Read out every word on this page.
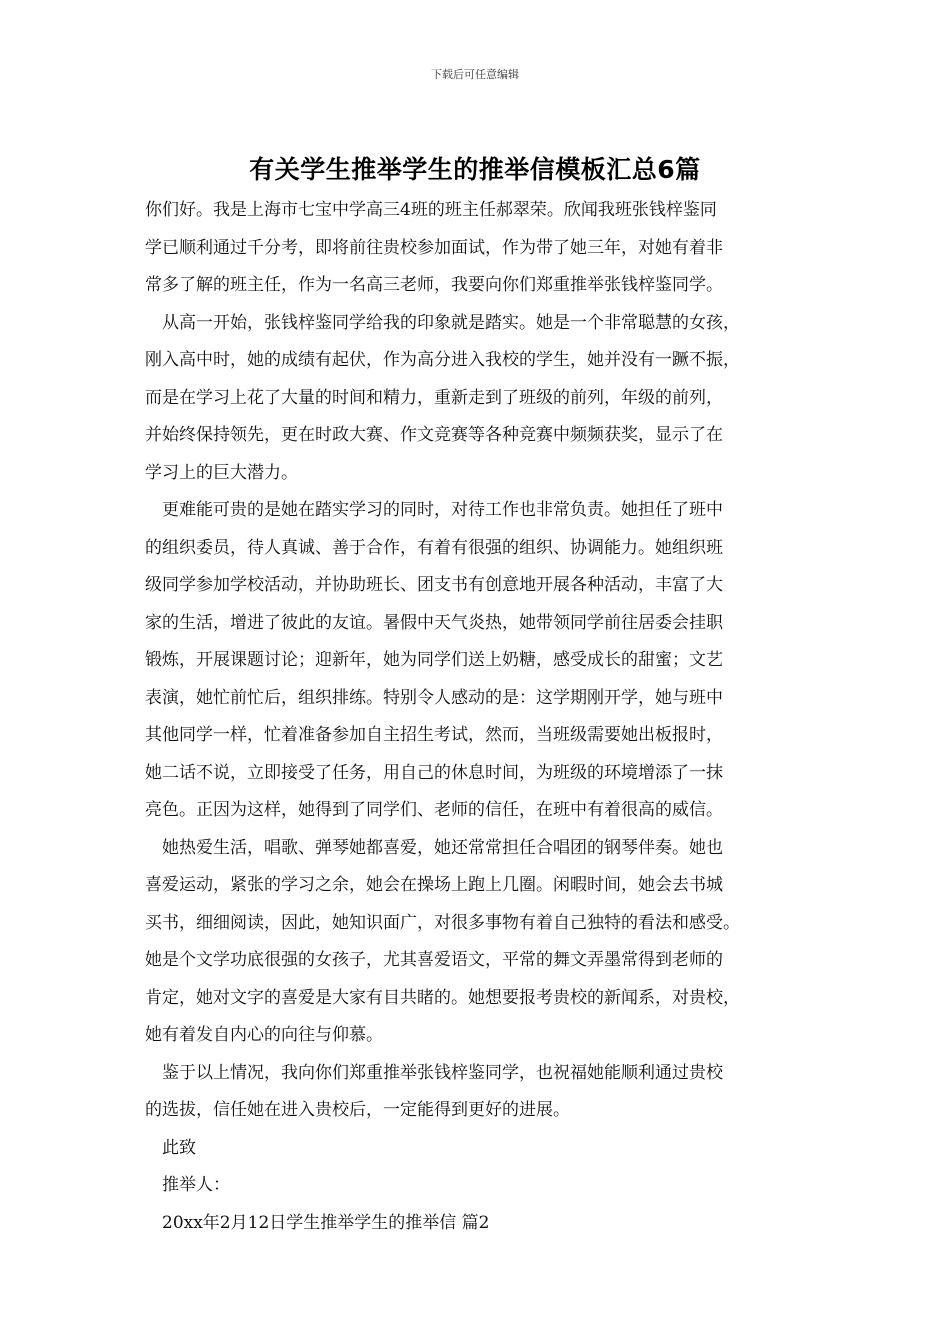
下载后可任意编辑
有关学生推举学生的推举信模板汇总6篇
你们好。我是上海市七宝中学高三4班的班主任郝翠荣。欣闻我班张钱梓鉴同
学已顺利通过千分考，即将前往贵校参加面试，作为带了她三年，对她有着非
常多了解的班主任，作为一名高三老师，我要向你们郑重推举张钱梓鉴同学。
　从高一开始，张钱梓鉴同学给我的印象就是踏实。她是一个非常聪慧的女孩，
刚入高中时，她的成绩有起伏，作为高分进入我校的学生，她并没有一蹶不振，
而是在学习上花了大量的时间和精力，重新走到了班级的前列，年级的前列，
并始终保持领先，更在时政大赛、作文竞赛等各种竞赛中频频获奖，显示了在
学习上的巨大潜力。
　更难能可贵的是她在踏实学习的同时，对待工作也非常负责。她担任了班中
的组织委员，待人真诚、善于合作，有着有很强的组织、协调能力。她组织班
级同学参加学校活动，并协助班长、团支书有创意地开展各种活动，丰富了大
家的生活，增进了彼此的友谊。暑假中天气炎热，她带领同学前往居委会挂职
锻炼，开展课题讨论；迎新年，她为同学们送上奶糖，感受成长的甜蜜；文艺
表演，她忙前忙后，组织排练。特别令人感动的是：这学期刚开学，她与班中
其他同学一样，忙着准备参加自主招生考试，然而，当班级需要她出板报时，
她二话不说，立即接受了任务，用自己的休息时间，为班级的环境增添了一抹
亮色。正因为这样，她得到了同学们、老师的信任，在班中有着很高的威信。
　她热爱生活，唱歌、弹琴她都喜爱，她还常常担任合唱团的钢琴伴奏。她也
喜爱运动，紧张的学习之余，她会在操场上跑上几圈。闲暇时间，她会去书城
买书，细细阅读，因此，她知识面广，对很多事物有着自己独特的看法和感受。
她是个文学功底很强的女孩子，尤其喜爱语文，平常的舞文弄墨常得到老师的
肯定，她对文字的喜爱是大家有目共睹的。她想要报考贵校的新闻系，对贵校，
她有着发自内心的向往与仰慕。
　鉴于以上情况，我向你们郑重推举张钱梓鉴同学，也祝福她能顺利通过贵校
的选拔，信任她在进入贵校后，一定能得到更好的进展。
　此致
　推举人：
　20xx年2月12日学生推举学生的推举信 篇2
